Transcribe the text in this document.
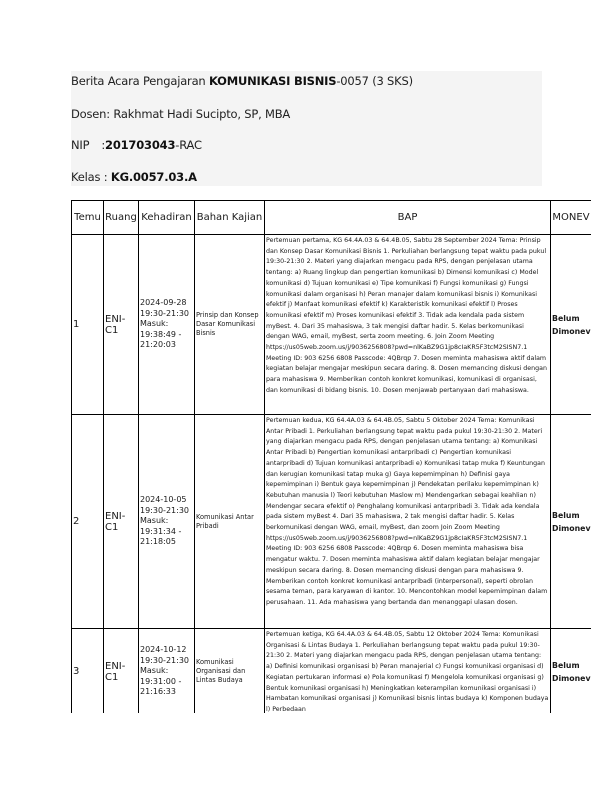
Berita Acara Pengajaran KOMUNIKASI BISNIS-0057 (3 SKS)
Dosen: Rakhmat Hadi Sucipto, SP, MBA
NIP :201703043-RAC
Kelas : KG.0057.03.A
Temu	Ruang	Kehadiran	Bahan Kajian	BAP	MONEV
1	ENI-C1	2024-09-28 19:30-21:30 Masuk: 19:38:49 - 21:20:03	Prinsip dan Konsep Dasar Komunikasi Bisnis	Pertemuan pertama, KG 64.4A.03 & 64.4B.05, Sabtu 28 September 2024 Tema: Prinsip dan Konsep Dasar Komunikasi Bisnis 1. Perkuliahan berlangsung tepat waktu pada pukul 19:30-21:30 2. Materi yang diajarkan mengacu pada RPS, dengan penjelasan utama tentang: a) Ruang lingkup dan pengertian komunikasi b) Dimensi komunikasi c) Model komunikasi d) Tujuan komunikasi e) Tipe komunikasi f) Fungsi komunikasi g) Fungsi komunikasi dalam organisasi h) Peran manajer dalam komunikasi bisnis i) Komunikasi efektif j) Manfaat komunikasi efektif k) Karakteristik komunikasi efektif l) Proses komunikasi efektif m) Proses komunikasi efektif 3. Tidak ada kendala pada sistem myBest. 4. Dari 35 mahasiswa, 3 tak mengisi daftar hadir. 5. Kelas berkomunikasi dengan WAG, email, myBest, serta zoom meeting. 6. Join Zoom Meeting https://us05web.zoom.us/j/9036256808?pwd=nlKaBZ9G1jp8cIaKR5F3tcM2SISN7.1 Meeting ID: 903 6256 6808 Passcode: 4QBrqp 7. Dosen meminta mahasiswa aktif dalam kegiatan belajar mengajar meskipun secara daring. 8. Dosen memancing diskusi dengan para mahasiswa 9. Memberikan contoh konkret komunikasi, komunikasi di organisasi, dan komunikasi di bidang bisnis. 10. Dosen menjawab pertanyaan dari mahasiswa.	Belum Dimonev
2	ENI-C1	2024-10-05 19:30-21:30 Masuk: 19:31:34 - 21:18:05	Komunikasi Antar Pribadi	Pertemuan kedua, KG 64.4A.03 & 64.4B.05, Sabtu 5 Oktober 2024 Tema: Komunikasi Antar Pribadi 1. Perkuliahan berlangsung tepat waktu pada pukul 19:30-21:30 2. Materi yang diajarkan mengacu pada RPS, dengan penjelasan utama tentang: a) Komunikasi Antar Pribadi b) Pengertian komunikasi antarpribadi c) Pengertian komunikasi antarpribadi d) Tujuan komunikasi antarpribadi e) Komunikasi tatap muka f) Keuntungan dan kerugian komunikasi tatap muka g) Gaya kepemimpinan h) Definisi gaya kepemimpinan i) Bentuk gaya kepemimpinan j) Pendekatan perilaku kepemimpinan k) Kebutuhan manusia l) Teori kebutuhan Maslow m) Mendengarkan sebagai keahlian n) Mendengar secara efektif o) Penghalang komunikasi antarpribadi 3. Tidak ada kendala pada sistem myBest 4. Dari 35 mahasiswa, 2 tak mengisi daftar hadir. 5. Kelas berkomunikasi dengan WAG, email, myBest, dan zoom Join Zoom Meeting https://us05web.zoom.us/j/9036256808?pwd=nlKaBZ9G1jp8cIaKR5F3tcM2SISN7.1 Meeting ID: 903 6256 6808 Passcode: 4QBrqp 6. Dosen meminta mahasiswa bisa mengatur waktu. 7. Dosen meminta mahasiswa aktif dalam kegiatan belajar mengajar meskipun secara daring. 8. Dosen memancing diskusi dengan para mahasiswa 9. Memberikan contoh konkret komunikasi antarpribadi (interpersonal), seperti obrolan sesama teman, para karyawan di kantor. 10. Mencontohkan model kepemimpinan dalam perusahaan. 11. Ada mahasiswa yang bertanda dan menanggapi ulasan dosen.	Belum Dimonev
3	ENI-C1	2024-10-12 19:30-21:30 Masuk: 19:31:00 - 21:16:33	Komunikasi Organisasi dan Lintas Budaya	Pertemuan ketiga, KG 64.4A.03 & 64.4B.05, Sabtu 12 Oktober 2024 Tema: Komunikasi Organisasi & Lintas Budaya 1. Perkuliahan berlangsung tepat waktu pada pukul 19:30-21:30 2. Materi yang diajarkan mengacu pada RPS, dengan penjelasan utama tentang: a) Definisi komunikasi organisasi b) Peran manajerial c) Fungsi komunikasi organisasi d) Kegiatan pertukaran informasi e) Pola komunikasi f) Mengelola komunikasi organisasi g) Bentuk komunikasi organisasi h) Meningkatkan keterampilan komunikasi organisasi i) Hambatan komunikasi organisasi j) Komunikasi bisnis lintas budaya k) Komponen budaya l) Perbedaan	Belum Dimonev
